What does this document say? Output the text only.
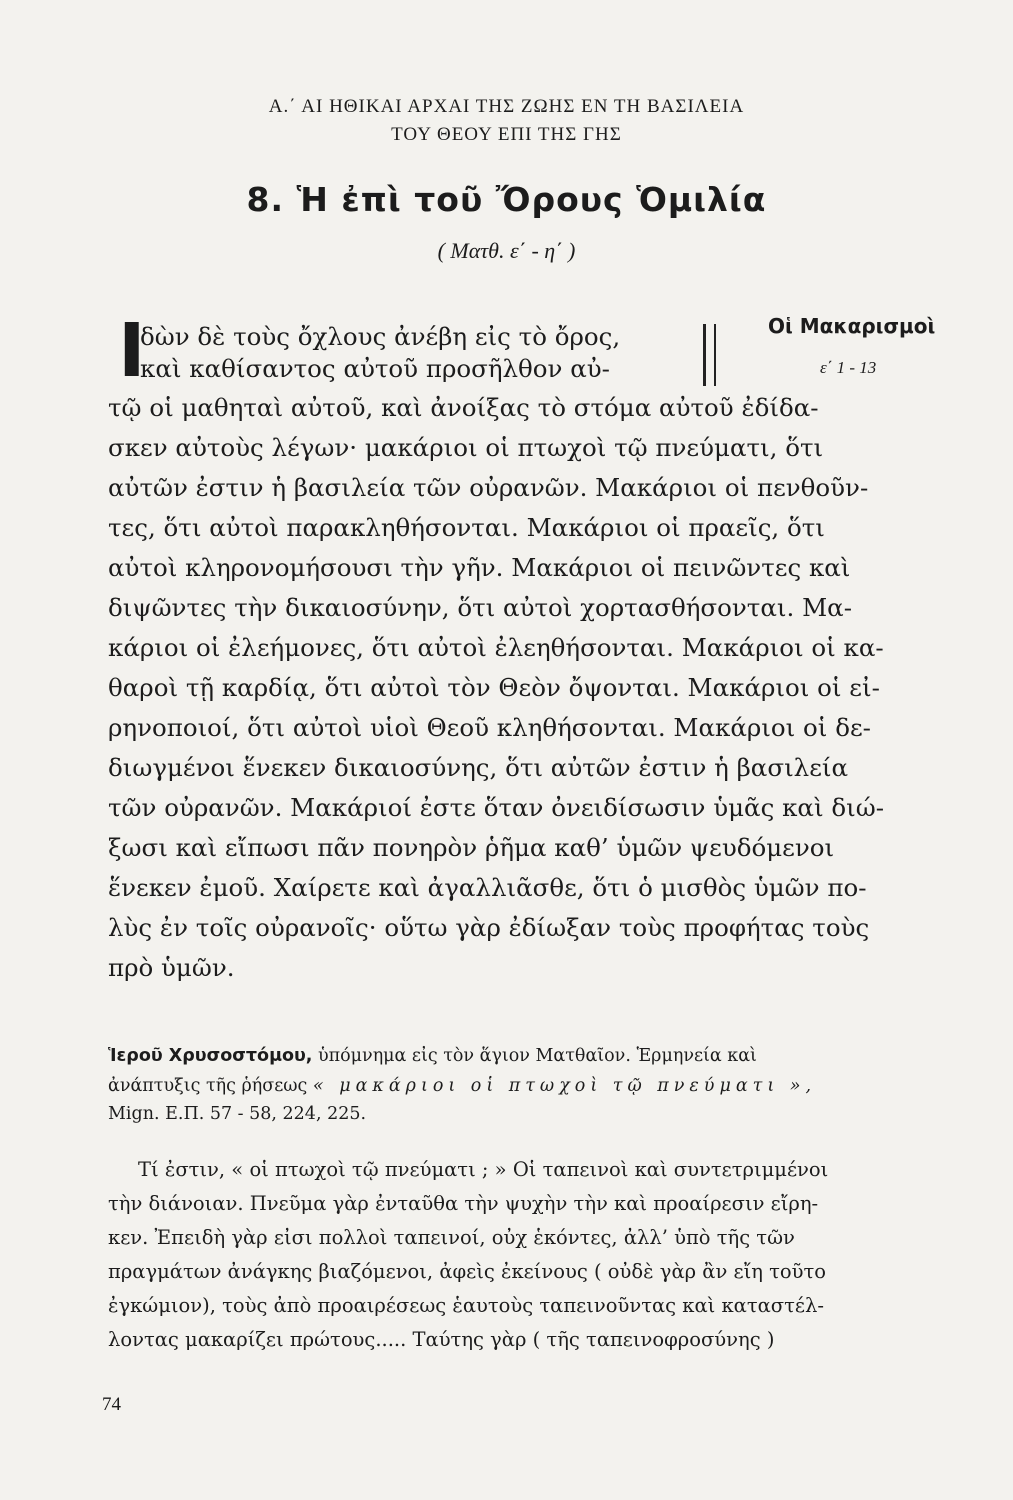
Α.΄ ΑΙ ΗΘΙΚΑΙ ΑΡΧΑΙ ΤΗΣ ΖΩΗΣ ΕΝ ΤΗ ΒΑΣΙΛΕΙΑ
ΤΟΥ ΘΕΟΥ ΕΠΙ ΤΗΣ ΓΗΣ
8. Ἡ ἐπὶ τοῦ Ὄρους Ὁμιλία
( Ματθ. ε΄ - η΄ )
Ι	Οἱ Μακαρισμοὶ
ε΄ 1 - 13
δὼν δὲ τοὺς ὄχλους ἀνέβη εἰς τὸ ὄρος,
καὶ καθίσαντος αὐτοῦ προσῆλθον αὐ-
τῷ οἱ μαθηταὶ αὐτοῦ, καὶ ἀνοίξας τὸ στόμα αὐτοῦ ἐδίδα-
σκεν αὐτοὺς λέγων· μακάριοι οἱ πτωχοὶ τῷ πνεύματι, ὅτι
αὐτῶν ἐστιν ἡ βασιλεία τῶν οὐρανῶν. Μακάριοι οἱ πενθοῦν-
τες, ὅτι αὐτοὶ παρακληθήσονται. Μακάριοι οἱ πραεῖς, ὅτι
αὐτοὶ κληρονομήσουσι τὴν γῆν. Μακάριοι οἱ πεινῶντες καὶ
διψῶντες τὴν δικαιοσύνην, ὅτι αὐτοὶ χορτασθήσονται. Μα-
κάριοι οἱ ἐλεήμονες, ὅτι αὐτοὶ ἐλεηθήσονται. Μακάριοι οἱ κα-
θαροὶ τῇ καρδίᾳ, ὅτι αὐτοὶ τὸν Θεὸν ὄψονται. Μακάριοι οἱ εἰ-
ρηνοποιοί, ὅτι αὐτοὶ υἱοὶ Θεοῦ κληθήσονται. Μακάριοι οἱ δε-
διωγμένοι ἕνεκεν δικαιοσύνης, ὅτι αὐτῶν ἐστιν ἡ βασιλεία
τῶν οὐρανῶν. Μακάριοί ἐστε ὅταν ὀνειδίσωσιν ὑμᾶς καὶ διώ-
ξωσι καὶ εἴπωσι πᾶν πονηρὸν ῥῆμα καθ’ ὑμῶν ψευδόμενοι
ἕνεκεν ἐμοῦ. Χαίρετε καὶ ἀγαλλιᾶσθε, ὅτι ὁ μισθὸς ὑμῶν πο-
λὺς ἐν τοῖς οὐρανοῖς· οὕτω γὰρ ἐδίωξαν τοὺς προφήτας τοὺς
πρὸ ὑμῶν.
Ἱεροῦ Χρυσοστόμου, ὑπόμνημα εἰς τὸν ἅγιον Ματθαῖον. Ἑρμηνεία καὶ
ἀνάπτυξις τῆς ῥήσεως « μακάριοι οἱ πτωχοὶ τῷ πνεύματι »,
Mign. Ε.Π. 57 - 58, 224, 225.
Τί ἐστιν, « οἱ πτωχοὶ τῷ πνεύματι ; » Οἱ ταπεινοὶ καὶ συντετριμμένοι
τὴν διάνοιαν. Πνεῦμα γὰρ ἐνταῦθα τὴν ψυχὴν τὴν καὶ προαίρεσιν εἴρη-
κεν. Ἐπειδὴ γὰρ εἰσι πολλοὶ ταπεινοί, οὐχ ἑκόντες, ἀλλ’ ὑπὸ τῆς τῶν
πραγμάτων ἀνάγκης βιαζόμενοι, ἀφεὶς ἐκείνους ( οὐδὲ γὰρ ἂν εἴη τοῦτο
ἐγκώμιον), τοὺς ἀπὸ προαιρέσεως ἑαυτοὺς ταπεινοῦντας καὶ καταστέλ-
λοντας μακαρίζει πρώτους..... Ταύτης γὰρ ( τῆς ταπεινοφροσύνης )
74
